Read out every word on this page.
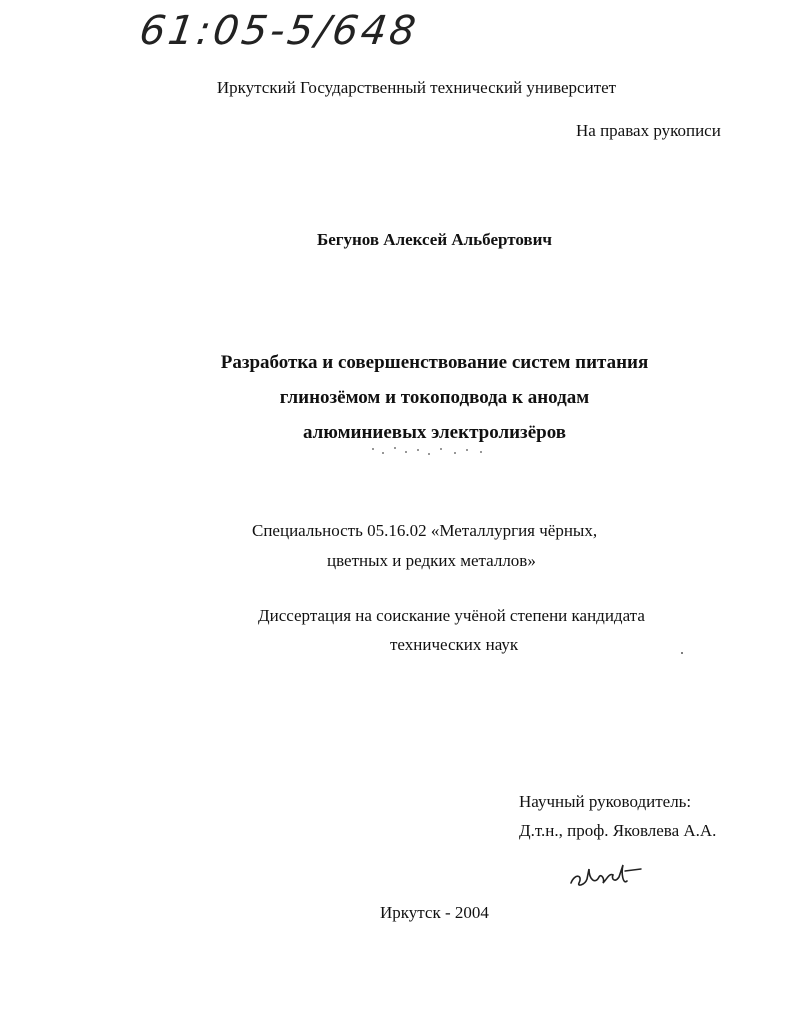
61:05-5/648
Иркутский Государственный технический университет
На правах рукописи
Бегунов Алексей Альбертович
Разработка и совершенствование систем питания
глинозёмом и токоподвода к анодам
алюминиевых электролизёров
Специальность 05.16.02 «Металлургия чёрных,
цветных и редких металлов»
Диссертация на соискание учёной степени кандидата
технических наук
Научный руководитель:
Д.т.н., проф. Яковлева А.А.
Иркутск - 2004
